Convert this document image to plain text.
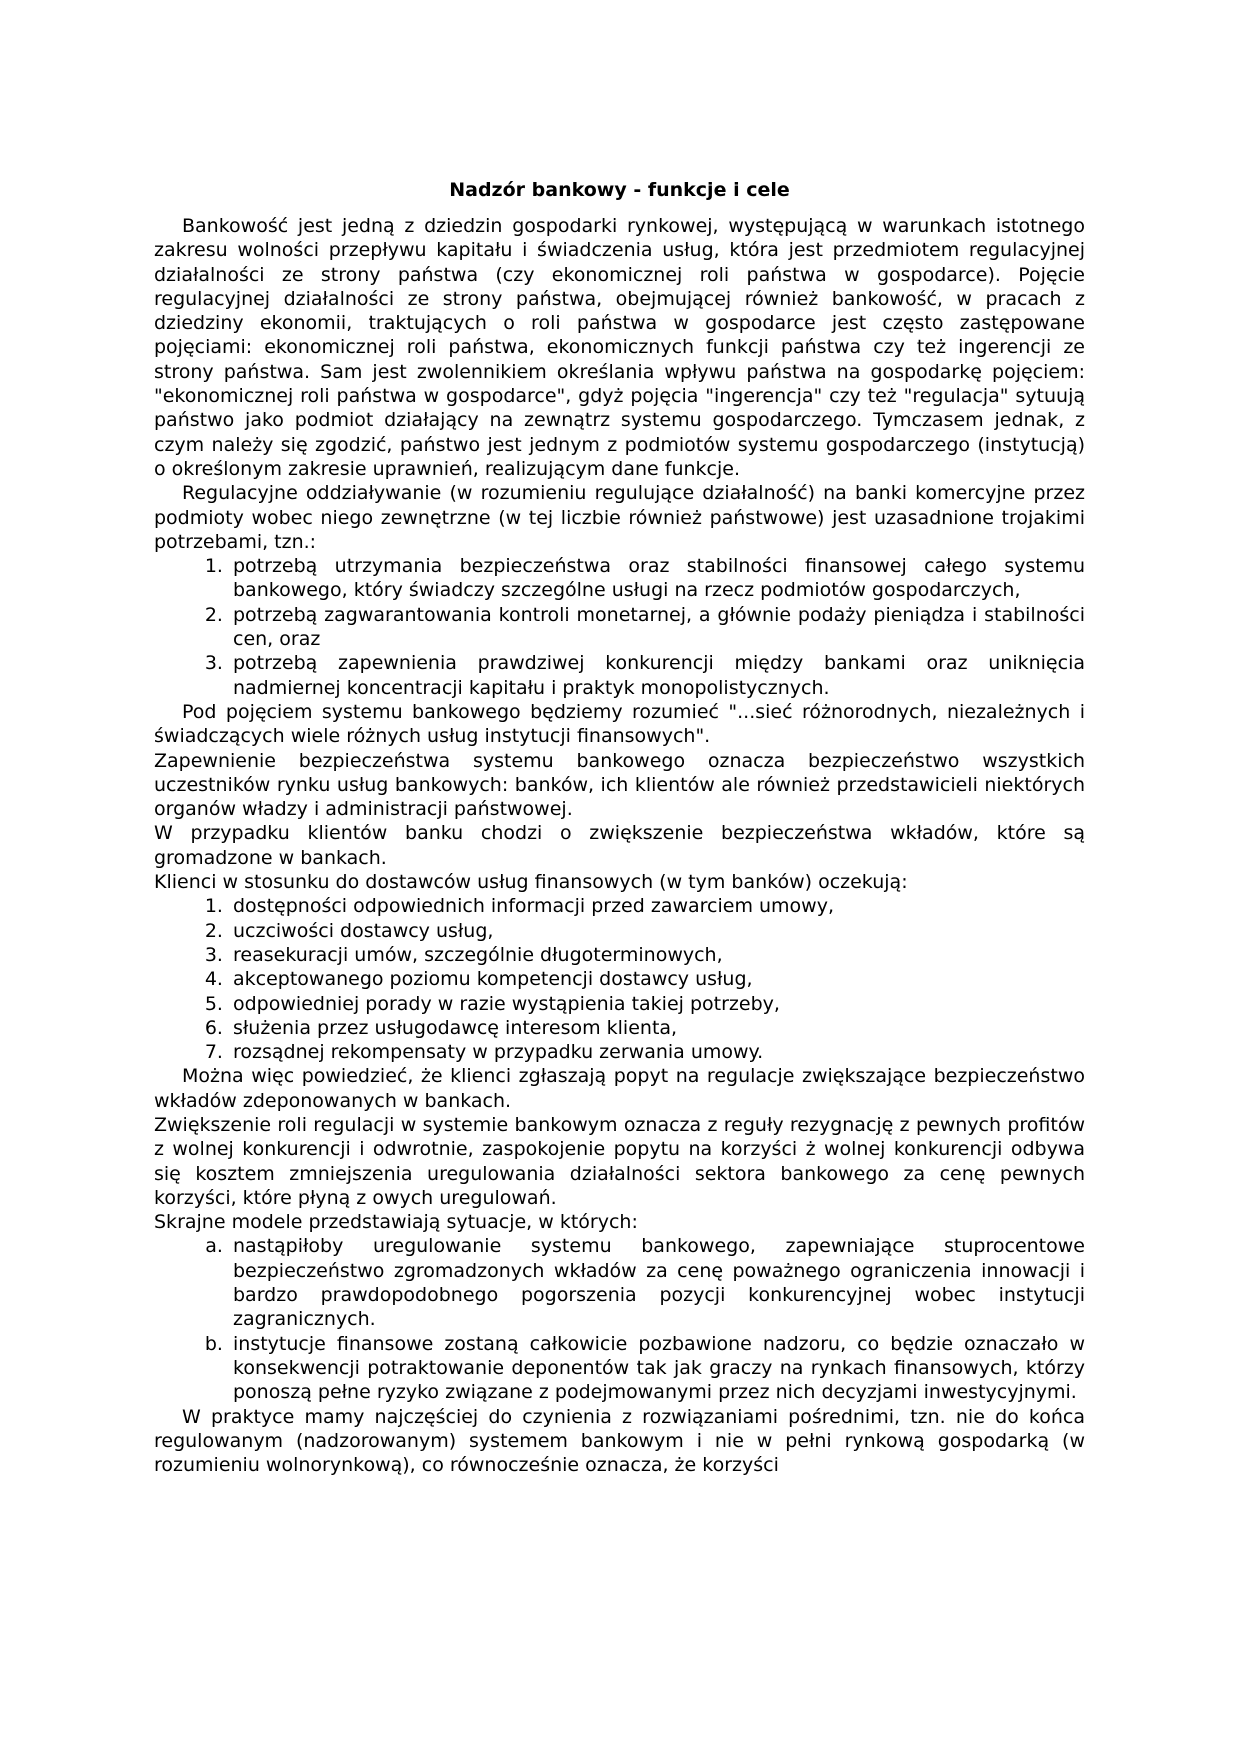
Nadzór bankowy - funkcje i cele

Bankowość jest jedną z dziedzin gospodarki rynkowej, występującą w warunkach istotnego zakresu wolności przepływu kapitału i świadczenia usług, która jest przedmiotem regulacyjnej działalności ze strony państwa (czy ekonomicznej roli państwa w gospodarce). Pojęcie regulacyjnej działalności ze strony państwa, obejmującej również bankowość, w pracach z dziedziny ekonomii, traktujących o roli państwa w gospodarce jest często zastępowane pojęciami: ekonomicznej roli państwa, ekonomicznych funkcji państwa czy też ingerencji ze strony państwa. Sam jest zwolennikiem określania wpływu państwa na gospodarkę pojęciem: "ekonomicznej roli państwa w gospodarce", gdyż pojęcia "ingerencja" czy też "regulacja" sytuują państwo jako podmiot działający na zewnątrz systemu gospodarczego. Tymczasem jednak, z czym należy się zgodzić, państwo jest jednym z podmiotów systemu gospodarczego (instytucją) o określonym zakresie uprawnień, realizującym dane funkcje.

Regulacyjne oddziaływanie (w rozumieniu regulujące działalność) na banki komercyjne przez podmioty wobec niego zewnętrzne (w tej liczbie również państwowe) jest uzasadnione trojakimi potrzebami, tzn.:

1. potrzebą utrzymania bezpieczeństwa oraz stabilności finansowej całego systemu bankowego, który świadczy szczególne usługi na rzecz podmiotów gospodarczych,
2. potrzebą zagwarantowania kontroli monetarnej, a głównie podaży pieniądza i stabilności cen, oraz
3. potrzebą zapewnienia prawdziwej konkurencji między bankami oraz uniknięcia nadmiernej koncentracji kapitału i praktyk monopolistycznych.

Pod pojęciem systemu bankowego będziemy rozumieć "...sieć różnorodnych, niezależnych i świadczących wiele różnych usług instytucji finansowych".

Zapewnienie bezpieczeństwa systemu bankowego oznacza bezpieczeństwo wszystkich uczestników rynku usług bankowych: banków, ich klientów ale również przedstawicieli niektórych organów władzy i administracji państwowej.

W przypadku klientów banku chodzi o zwiększenie bezpieczeństwa wkładów, które są gromadzone w bankach.

Klienci w stosunku do dostawców usług finansowych (w tym banków) oczekują:

1. dostępności odpowiednich informacji przed zawarciem umowy,
2. uczciwości dostawcy usług,
3. reasekuracji umów, szczególnie długoterminowych,
4. akceptowanego poziomu kompetencji dostawcy usług,
5. odpowiedniej porady w razie wystąpienia takiej potrzeby,
6. służenia przez usługodawcę interesom klienta,
7. rozsądnej rekompensaty w przypadku zerwania umowy.

Można więc powiedzieć, że klienci zgłaszają popyt na regulacje zwiększające bezpieczeństwo wkładów zdeponowanych w bankach.

Zwiększenie roli regulacji w systemie bankowym oznacza z reguły rezygnację z pewnych profitów z wolnej konkurencji i odwrotnie, zaspokojenie popytu na korzyści ż wolnej konkurencji odbywa się kosztem zmniejszenia uregulowania działalności sektora bankowego za cenę pewnych korzyści, które płyną z owych uregulowań.

Skrajne modele przedstawiają sytuacje, w których:

a. nastąpiłoby uregulowanie systemu bankowego, zapewniające stuprocentowe bezpieczeństwo zgromadzonych wkładów za cenę poważnego ograniczenia innowacji i bardzo prawdopodobnego pogorszenia pozycji konkurencyjnej wobec instytucji zagranicznych.
b. instytucje finansowe zostaną całkowicie pozbawione nadzoru, co będzie oznaczało w konsekwencji potraktowanie deponentów tak jak graczy na rynkach finansowych, którzy ponoszą pełne ryzyko związane z podejmowanymi przez nich decyzjami inwestycyjnymi.

W praktyce mamy najczęściej do czynienia z rozwiązaniami pośrednimi, tzn. nie do końca regulowanym (nadzorowanym) systemem bankowym i nie w pełni rynkową gospodarką (w rozumieniu wolnorynkową), co równocześnie oznacza, że korzyści
